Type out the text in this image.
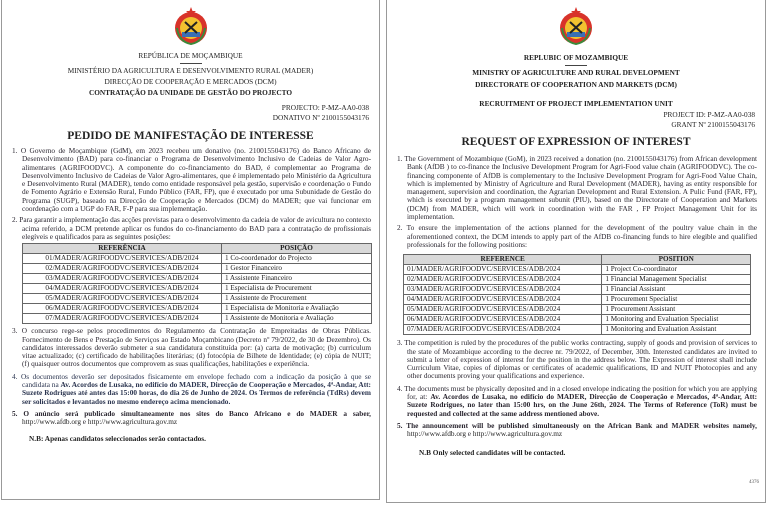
REPÚBLICA DE MOÇAMBIQUE
MINISTÉRIO DA AGRICULTURA E DESENVOLVIMENTO RURAL (MADER)
DIRECÇÃO DE COOPERAÇÃO E MERCADOS (DCM)
CONTRATAÇÃO DA UNIDADE DE GESTÃO DO PROJECTO
PROJECTO: P-MZ-AA0-038
DONATIVO Nº 2100155043176
PEDIDO DE MANIFESTAÇÃO DE INTERESSE
1. O Governo de Moçambique (GdM), em 2023 recebeu um donativo (no. 2100155043176) do Banco Africano de Desenvolvimento (BAD) para co-financiar o Programa de Desenvolvimento Inclusivo de Cadeias de Valor Agro-alimentares (AGRIFOODVC). A componente do co-financiamento do BAD, é complementar ao Programa de Desenvolvimento Inclusivo de Cadeias de Valor Agro-alimentares, que é implementado pelo Ministério da Agricultura e Desenvolvimento Rural (MADER), tendo como entidade responsável pela gestão, supervisão e coordenação o Fundo de Fomento Agrário e Extensão Rural, Fundo Público (FAR, FP), que é executado por uma Subunidade de Gestão do Programa (SUGP), baseado na Direcção de Cooperação e Mercados (DCM) do MADER; que vai funcionar em coordenação com a UGP do FAR, F-P para sua implementação.
2. Para garantir a implementação das acções previstas para o desenvolvimento da cadeia de valor de avicultura no contexto acima referido, a DCM pretende aplicar os fundos do co-financiamento do BAD para a contratação de profissionais elegíveis e qualificados para as seguintes posições:
REFERÊNCIA	POSIÇÃO
01/MADER/AGRIFOODVC/SERVICES/ADB/2024	1 Co-coordenador do Projecto
02/MADER/AGRIFOODVC/SERVICES/ADB/2024	1 Gestor Financeiro
03/MADER/AGRIFOODVC/SERVICES/ADB/2024	1 Assistente Financeiro
04/MADER/AGRIFOODVC/SERVICES/ADB/2024	1 Especialista de Procurement
05/MADER/AGRIFOODVC/SERVICES/ADB/2024	1 Assistente de Procurement
06/MADER/AGRIFOODVC/SERVICES/ADB/2024	1 Especialista de Monitoria e Avaliação
07/MADER/AGRIFOODVC/SERVICES/ADB/2024	1 Assistente de Monitoria e Avaliação
3. O concurso rege-se pelos procedimentos do Regulamento da Contratação de Empreitadas de Obras Públicas. Fornecimento de Bens e Prestação de Serviços ao Estado Moçambicano (Decreto nº 79/2022, de 30 de Dezembro). Os candidatos interessados deverão submeter a sua candidatura constituída por: (a) carta de motivação; (b) curriculum vitae actualizado; (c) certificado de habilitações literárias; (d) fotocópia de Bilhete de Identidade; (e) cópia de NUIT; (f) quaisquer outros documentos que comprovem as suas qualificações, habilitações e experiência.
4. Os documentos deverão ser depositados fisicamente em envelope fechado com a indicação da posição à que se candidata na Av. Acordos de Lusaka, no edifício do MADER, Direcção de Cooperação e Mercados, 4ª-Andar, Att: Suzete Rodrigues até antes das 15:00 horas, do dia 26 de Junho de 2024. Os Termos de referência (TdRs) devem ser solicitados e levantados no mesmo endereço acima mencionado.
5. O anúncio será publicado simultaneamente nos sites do Banco Africano e do MADER a saber, http://www.afdb.org e http://www.agricultura.gov.mz
N.B: Apenas candidatos seleccionados serão contactados.
REPLUBIC OF MOZAMBIQUE
MINISTRY OF AGRICULTURE AND RURAL DEVELOPMENT
DIRECTORATE OF COOPERATION AND MARKETS (DCM)
RECRUITMENT OF PROJECT IMPLEMENTATION UNIT
PROJECT ID: P-MZ-AA0-038
GRANT Nº 2100155043176
REQUEST OF EXPRESSION OF INTEREST
1. The Government of Mozambique (GoM), in 2023 received a donation (no. 2100155043176) from African development Bank (AfDB ) to co-finance the Inclusive Development Program for Agri-Food value chain (AGRIFOODVC). The co-financing componente of AfDB is complementary to the Inclusive Development Program for Agri-Food Value Chain, which is implemented by Ministry of Agriculture and Rural Development (MADER), having as entity responsible for management, supervision and coordination, the Agrarian Development and Rural Extension. A Pulic Fund (FAR, FP), which is executed by a program management subunit (PIU), based on the Directorate of Cooperation and Markets (DCM) from MADER, which will work in coordination with the FAR , FP Project Management Unit for its implementation.
2. To ensure the implementation of the actions planned for the development of the poultry value chain in the aforementioned context, the DCM intends to apply part of the AfDB co-financing funds to hire elegible and qualified professionals for the following positions:
REFERENCE	POSITION
01/MADER/AGRIFOODVC/SERVICES/ADB/2024	1 Project Co-coordinator
02/MADER/AGRIFOODVC/SERVICES/ADB/2024	1 Financial Management Specialist
03/MADER/AGRIFOODVC/SERVICES/ADB/2024	1 Financial Assistant
04/MADER/AGRIFOODVC/SERVICES/ADB/2024	1 Procurement Specialist
05/MADER/AGRIFOODVC/SERVICES/ADB/2024	1 Procurement Assistant
06/MADER/AGRIFOODVC/SERVICES/ADB/2024	1 Monitoring and Evaluation Specialist
07/MADER/AGRIFOODVC/SERVICES/ADB/2024	1 Monitoring and Evaluation Assistant
3. The competition is ruled by the procedures of the public works contracting, supply of goods and provision of services to the state of Mozambique according to the decree nr. 79/2022, of December, 30th. Interested candidates are invited to submit a letter of expression of interest for the position in the address below. The Expression of interest shall include Curriculum Vitae, copies of diplomas or certificates of academic qualifications, ID and NUIT Photocopies and any other documents proving your qualifications and experience.
4. The documents must be physically deposited and in a closed envelope indicating the position for which you are applying for, at: Av. Acordos de Lusaka, no edifício do MADER, Direcção de Cooperação e Mercados, 4ª-Andar, Att: Suzete Rodrigues, no later than 15:00 hrs, on the June 26th, 2024. The Terms of Reference (ToR) must be requested and collected at the same address mentioned above.
5. The announcement will be published simultaneously on the African Bank and MADER websites namely, http://www.afdb.org e http://www.agricultura.gov.mz
N.B Only selected candidates will be contacted.
4376
